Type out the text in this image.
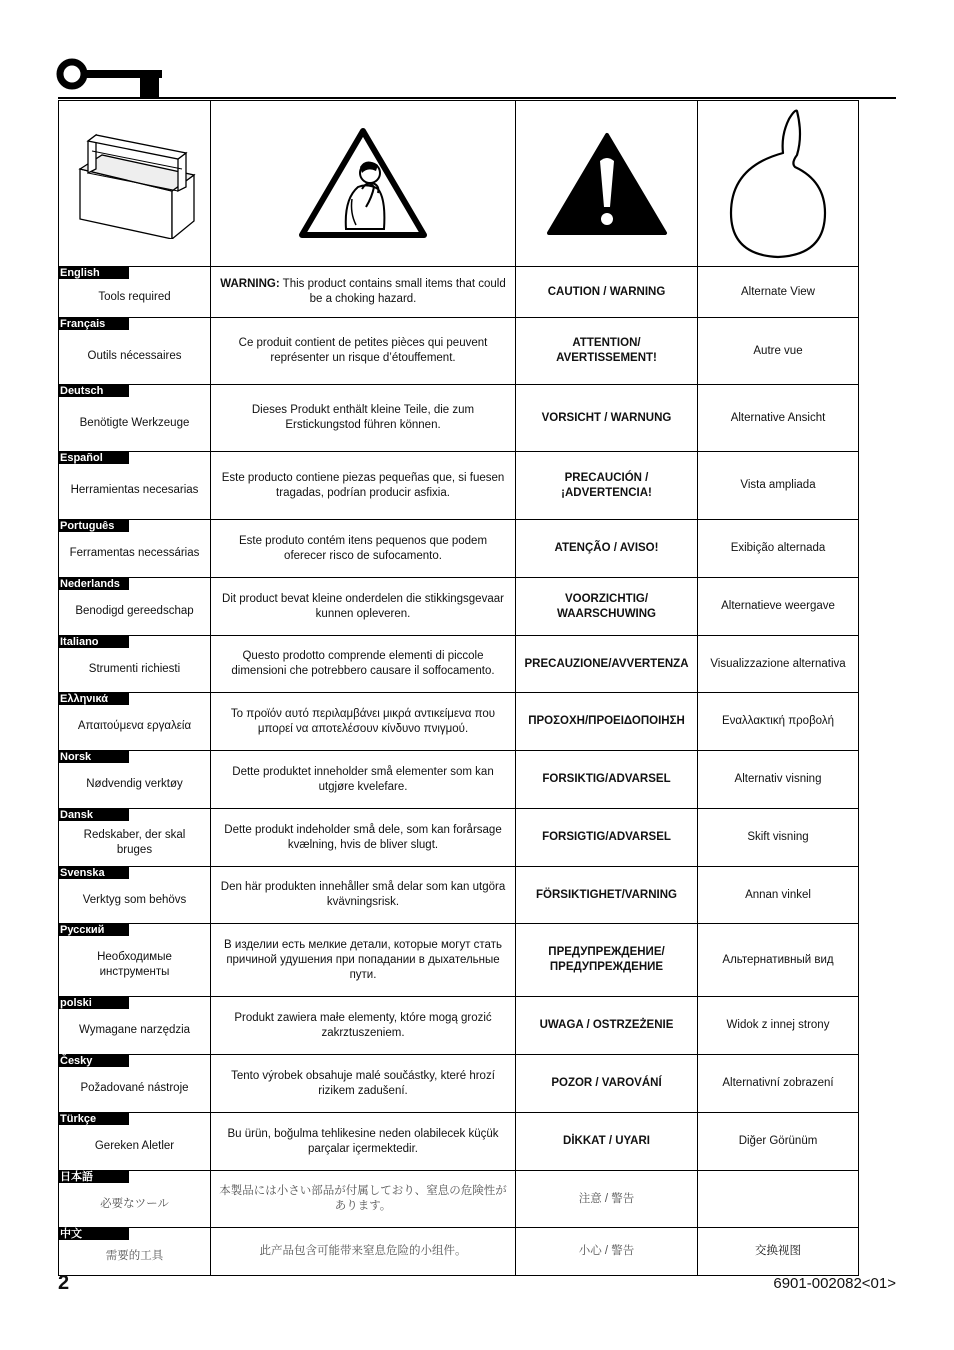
English
Tools required	WARNING: This product contains small items that could be a choking hazard.	CAUTION / WARNING	Alternate View

Français
Outils nécessaires	Ce produit contient de petites pièces qui peuvent représenter un risque d’étouffement.	ATTENTION/ AVERTISSEMENT!	Autre vue

Deutsch
Benötigte Werkzeuge	Dieses Produkt enthält kleine Teile, die zum Erstickungstod führen können.	VORSICHT / WARNUNG	Alternative Ansicht

Español
Herramientas necesarias	Este producto contiene piezas pequeñas que, si fuesen tragadas, podrían producir asfixia.	PRECAUCIÓN /¡ADVERTENCIA!	Vista ampliada

Português
Ferramentas necessárias	Este produto contém itens pequenos que podem oferecer risco de sufocamento.	ATENÇÃO / AVISO!	Exibição alternada

Nederlands
Benodigd gereedschap	Dit product bevat kleine onderdelen die stikkingsgevaar kunnen opleveren.	VOORZICHTIG/ WAARSCHUWING	Alternatieve weergave

Italiano
Strumenti richiesti	Questo prodotto comprende elementi di piccole dimensioni che potrebbero causare il soffocamento.	PRECAUZIONE/AVVERTENZA	Visualizzazione alternativa

Ελληνικά
Απαιτούμενα εργαλεία	Το προϊόν αυτό περιλαμβάνει μικρά αντικείμενα που μπορεί να αποτελέσουν κίνδυνο πνιγμού.	ΠΡΟΣΟΧΗ/ΠΡΟΕΙΔΟΠΟΙΗΣΗ	Εναλλακτική προβολή

Norsk
Nødvendig verktøy	Dette produktet inneholder små elementer som kan utgjøre kvelefare.	FORSIKTIG/ADVARSEL	Alternativ visning

Dansk
Redskaber, der skal bruges	Dette produkt indeholder små dele, som kan forårsage kvælning, hvis de bliver slugt.	FORSIGTIG/ADVARSEL	Skift visning

Svenska
Verktyg som behövs	Den här produkten innehåller små delar som kan utgöra kvävningsrisk.	FÖRSIKTIGHET/VARNING	Annan vinkel

Русский
Необходимые инструменты	В изделии есть мелкие детали, которые могут стать причиной удушения при попадании в дыхательные пути.	ПРЕДУПРЕЖДЕНИЕ/ ПРЕДУПРЕЖДЕНИЕ	Альтернативный вид

polski
Wymagane narzędzia	Produkt zawiera małe elementy, które mogą grozić zakrztuszeniem.	UWAGA / OSTRZEŻENIE	Widok z innej strony

Česky
Požadované nástroje	Tento výrobek obsahuje malé součástky, které hrozí rizikem zadušení.	POZOR / VAROVÁNÍ	Alternativní zobrazení

Türkçe
Gereken Aletler	Bu ürün, boğulma tehlikesine neden olabilecek küçük parçalar içermektedir.	DİKKAT / UYARI	Diğer Görünüm

日本語
必要なツール	本製品には小さい部品が付属しており、窒息の危険性があります。	注意 / 警告	

中文
需要的工具	此产品包含可能带来窒息危险的小组件。	小心 / 警告	交换视图
2	6901-002082<01>
